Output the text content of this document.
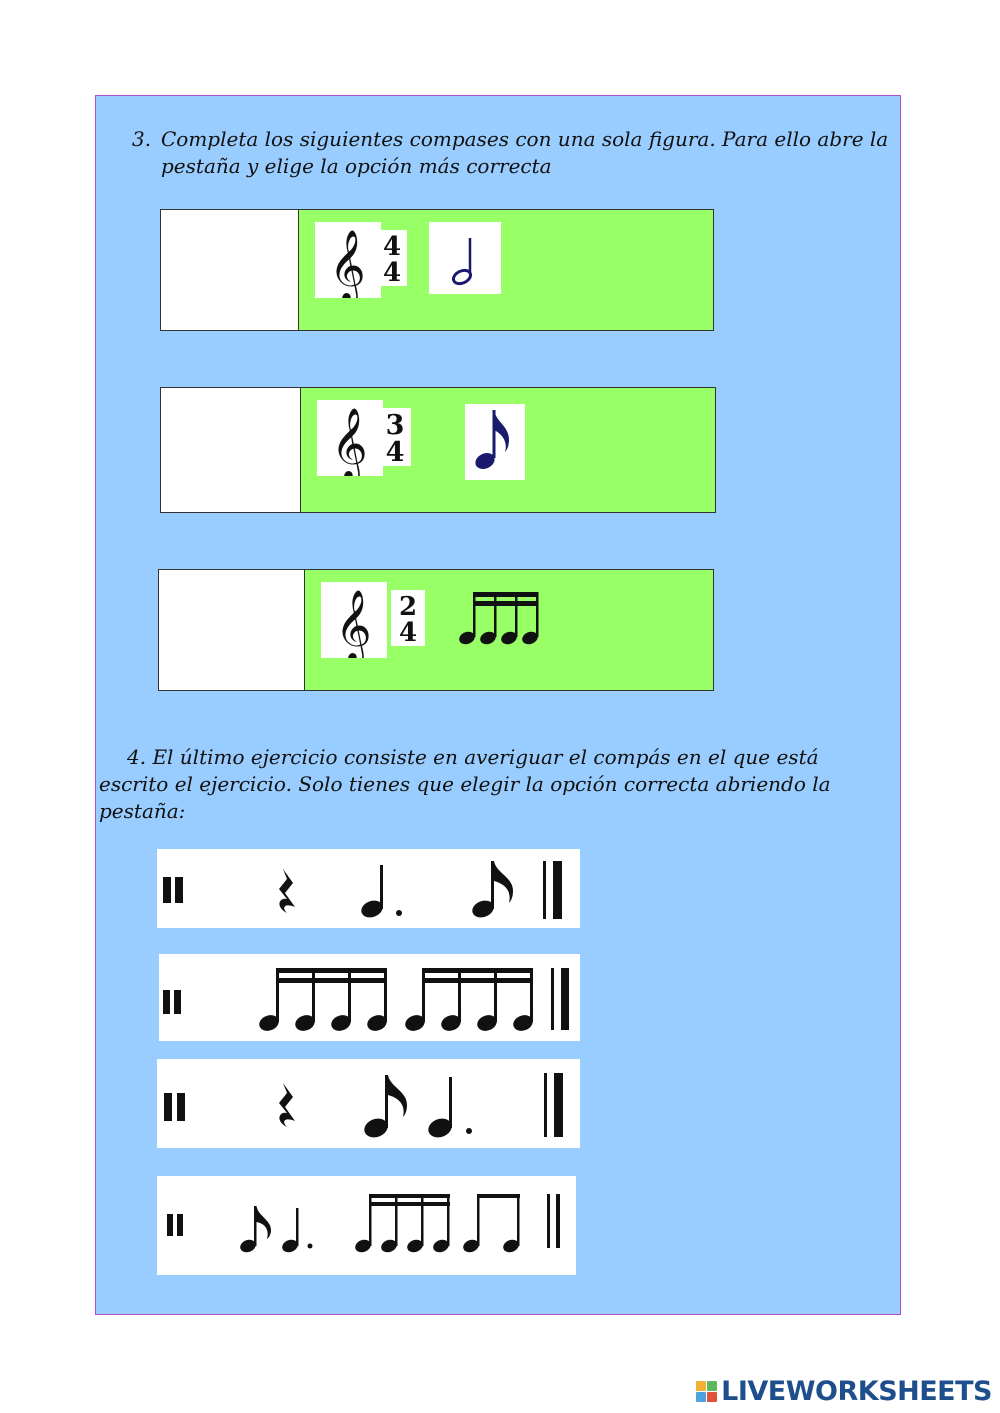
3. Completa los siguientes compases con una sola figura. Para ello abre la pestaña y elige la opción más correcta
𝄞 4
4
𝄞 3
4
𝄞 2
4
4. El último ejercicio consiste en averiguar el compás en el que está escrito el ejercicio. Solo tienes que elegir la opción correcta abriendo la pestaña:
LIVEWORKSHEETS
